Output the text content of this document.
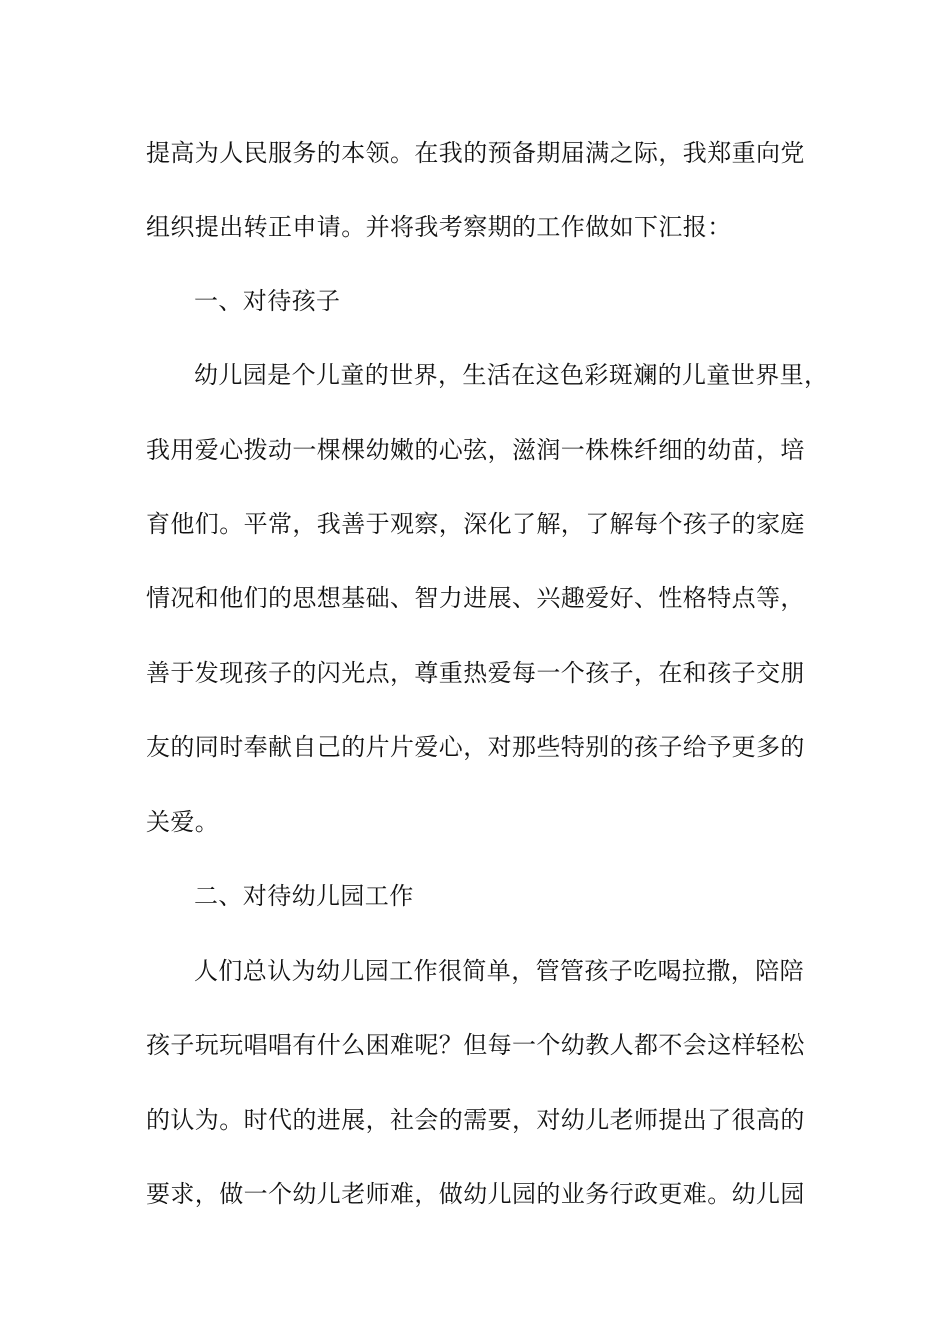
提高为人民服务的本领。在我的预备期届满之际，我郑重向党
组织提出转正申请。并将我考察期的工作做如下汇报：
一、对待孩子
幼儿园是个儿童的世界，生活在这色彩斑斓的儿童世界里，
我用爱心拨动一棵棵幼嫩的心弦，滋润一株株纤细的幼苗，培
育他们。平常，我善于观察，深化了解，了解每个孩子的家庭
情况和他们的思想基础、智力进展、兴趣爱好、性格特点等，
善于发现孩子的闪光点，尊重热爱每一个孩子，在和孩子交朋
友的同时奉献自己的片片爱心，对那些特别的孩子给予更多的
关爱。
二、对待幼儿园工作
人们总认为幼儿园工作很简单，管管孩子吃喝拉撒，陪陪
孩子玩玩唱唱有什么困难呢？但每一个幼教人都不会这样轻松
的认为。时代的进展，社会的需要，对幼儿老师提出了很高的
要求，做一个幼儿老师难，做幼儿园的业务行政更难。幼儿园
